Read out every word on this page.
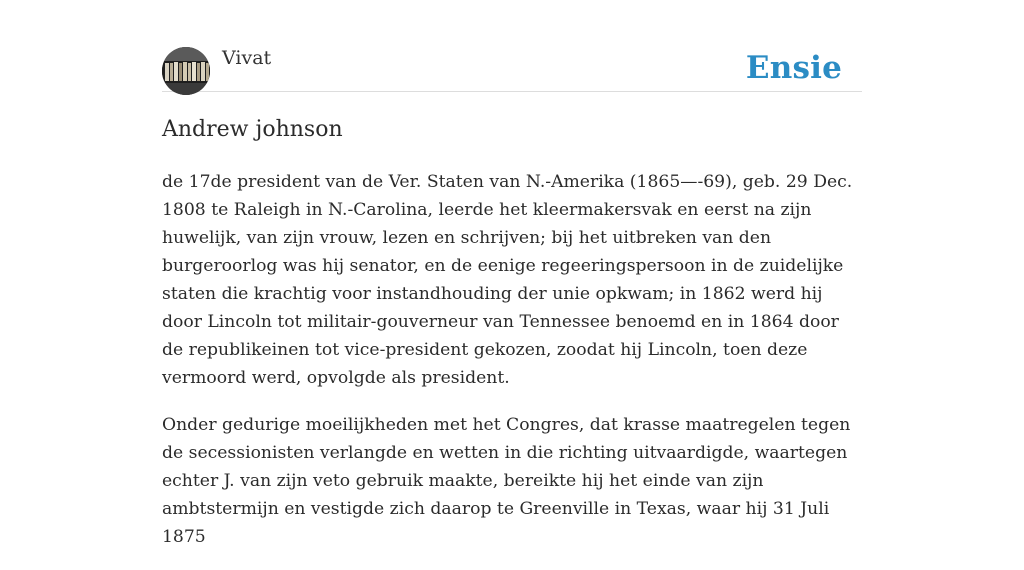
Vivat	Ensie
Andrew johnson

de 17de president van de Ver. Staten van N.-Amerika (1865—-69), geb. 29 Dec. 1808 te Raleigh in N.-Carolina, leerde het kleermakersvak en eerst na zijn huwelijk, van zijn vrouw, lezen en schrijven; bij het uitbreken van den burgeroorlog was hij senator, en de eenige regeeringspersoon in de zuidelijke staten die krachtig voor instandhouding der unie opkwam; in 1862 werd hij door Lincoln tot militair-gouverneur van Tennessee benoemd en in 1864 door de republikeinen tot vice-president gekozen, zoodat hij Lincoln, toen deze vermoord werd, opvolgde als president.

Onder gedurige moeilijkheden met het Congres, dat krasse maatregelen tegen de secessionisten verlangde en wetten in die richting uitvaardigde, waartegen echter J. van zijn veto gebruik maakte, bereikte hij het einde van zijn ambtstermijn en vestigde zich daarop te Greenville in Texas, waar hij 31 Juli 1875
